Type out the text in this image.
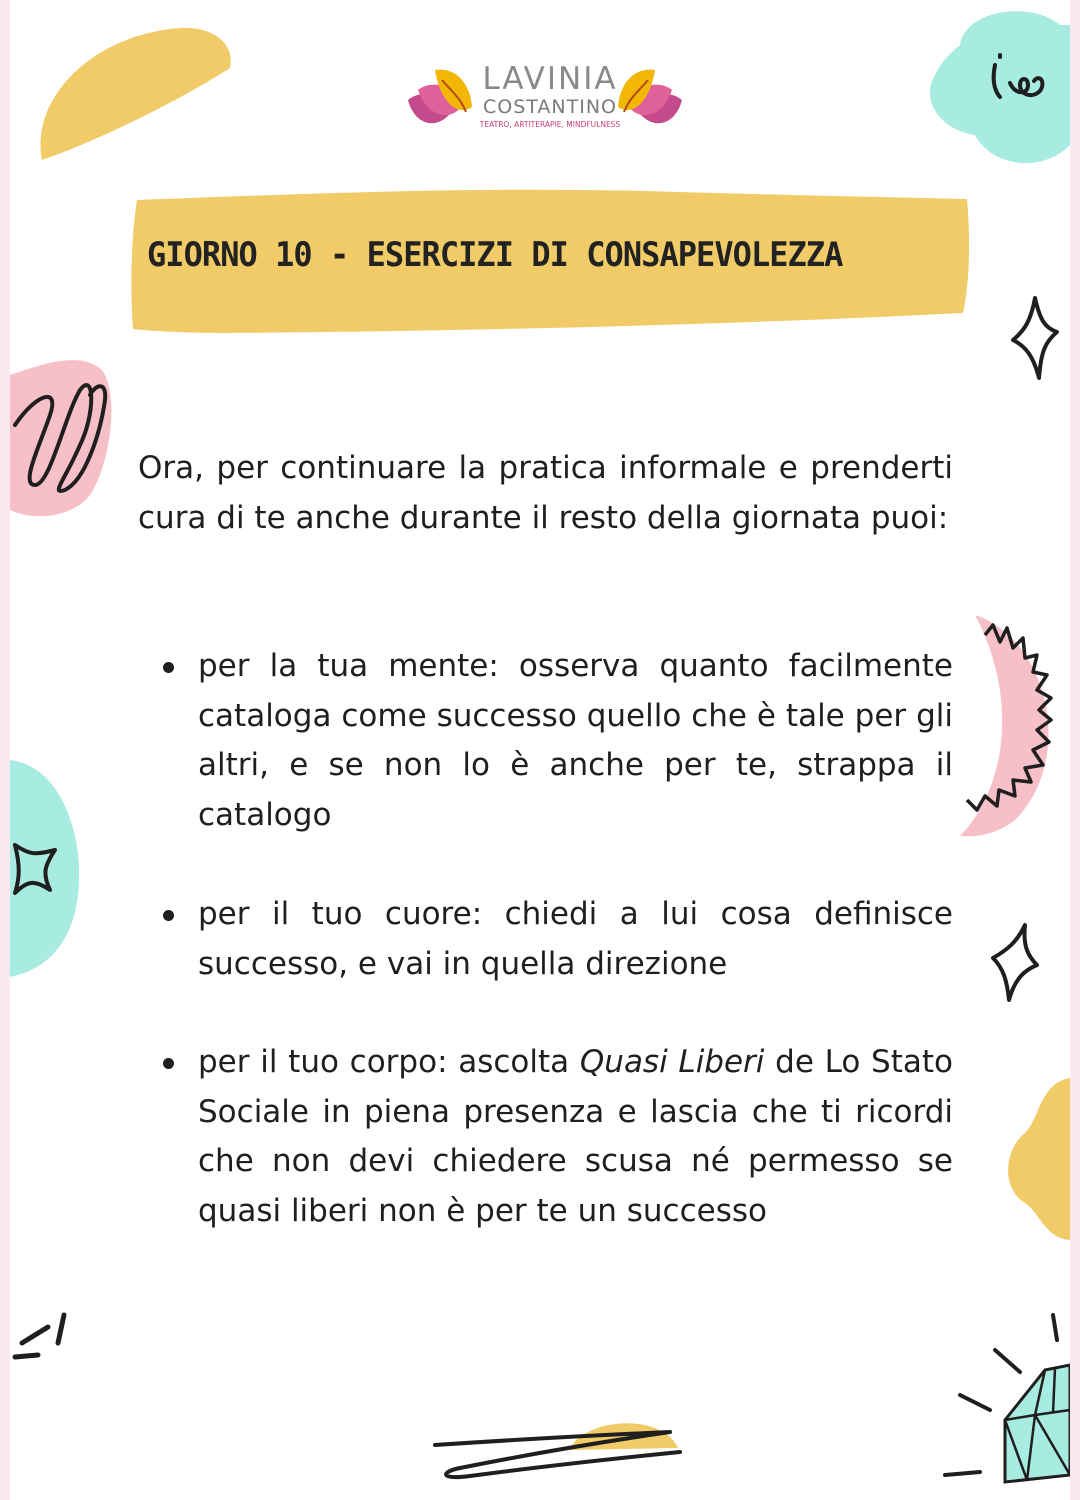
LAVINIA
COSTANTINO
TEATRO, ARTITERAPIE, MINDFULNESS
GIORNO 10 - ESERCIZI DI CONSAPEVOLEZZA
Ora, per continuare la pratica informale e prenderti cura di te anche durante il resto della giornata puoi:
per la tua mente: osserva quanto facilmente cataloga come successo quello che è tale per gli altri, e se non lo è anche per te, strappa il catalogo
per il tuo cuore: chiedi a lui cosa definisce successo, e vai in quella direzione
per il tuo corpo: ascolta Quasi Liberi de Lo Stato Sociale in piena presenza e lascia che ti ricordi che non devi chiedere scusa né permesso se quasi liberi non è per te un successo
